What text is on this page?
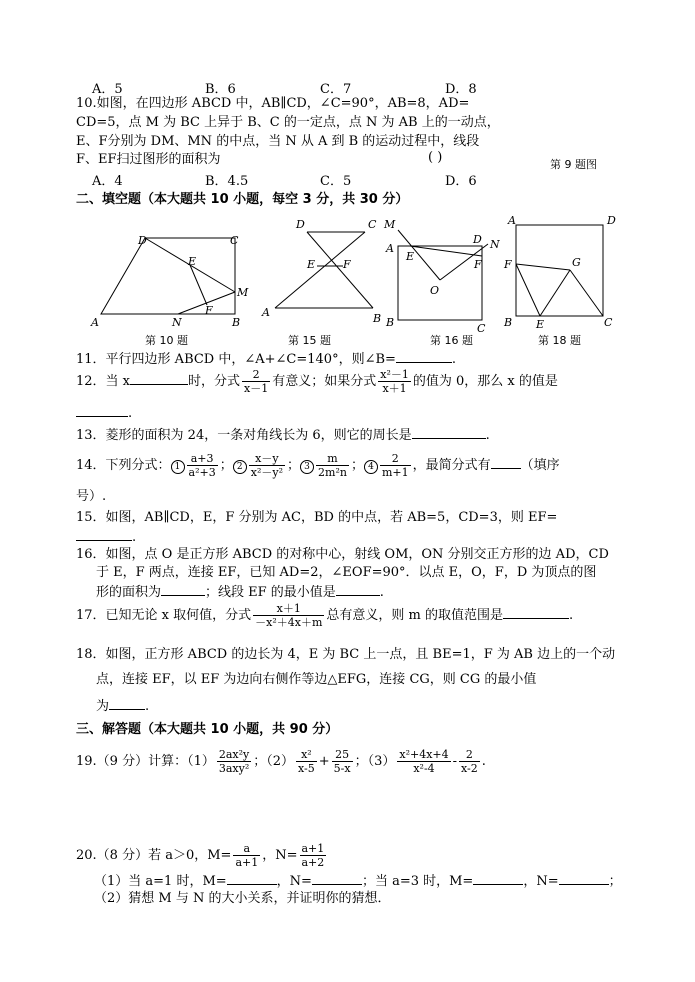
A．5	B．6	C．7	D．8
10.如图，在四边形 ABCD 中，AB∥CD，∠C=90°，AB=8，AD=
CD=5，点 M 为 BC 上异于 B、C 的一定点，点 N 为 AB 上的一动点，
E、F分别为 DM、MN 的中点，当 N 从 A 到 B 的运动过程中，线段
F、EF扫过图形的面积为	( )	第 9 题图
A．4	B．4.5	C．5	D．6
二、填空题（本大题共 10 小题，每空 3 分，共 30 分）
D	C
E
M
F
A	N	B
第 10 题
D	C
E	F
A	B
第 15 题
M
A
D N
E
F
O
B	C
第 16 题
A	D
F	G
B E	C
第 18 题
11．平行四边形 ABCD 中，∠A+∠C=140°，则∠B=	.
12．当 x	时，分式 $\frac{2}{x-1}$ 有意义；如果分式 $\frac{\text{x²－1}}{x+1}$ 的值为 0，那么 x 的值是
.
13．菱形的面积为 24，一条对角线长为 6，则它的周长是	.
14．下列分式： $1 \frac{a+3}{\text{a²+3}}$ ； $2 \frac{x-y}{\text{x²－y²}}$ ； $3 \frac{m}{\text{2m²n}}$ ； $4 \frac{2}{m+1}$ ，最简分式有 （填序
号）.
15．如图，AB∥CD，E，F 分别为 AC，BD 的中点，若 AB=5，CD=3，则 EF=
.
16．如图，点 O 是正方形 ABCD 的对称中心，射线 OM，ON 分别交正方形的边 AD，CD
于 E，F 两点，连接 EF，已知 AD=2，∠EOF=90°．以点 E，O，F，D 为顶点的图
形的面积为	；线段 EF 的最小值是	.
17．已知无论 x 取何值，分式 $\frac{x+1}{\text{－x²＋4x＋m}}$ 总有意义，则 m 的取值范围是	.
18．如图，正方形 ABCD 的边长为 4，E 为 BC 上一点，且 BE=1，F 为 AB 边上的一个动
点，连接 EF，以 EF 为边向右侧作等边△EFG，连接 CG，则 CG 的最小值
为	.
三、解答题（本大题共 10 小题，共 90 分）
19.（9 分）计算：$(1) \frac{\text{2ax²y}}{\text{3axy²}}$ ；$(2) \frac{\text{x²}}{x-5} + \frac{25}{5-x}$ ；$(3) \frac{\text{x²+4x+4}}{\text{x²-4}} - \frac{2}{x-2}$ .
20.（8 分）若 a＞0，$M= \frac{a}{a+1}$ ，$N= \frac{a+1}{a+2}$
（1）当 a=1 时，M=	，N=	；当 a=3 时，M=	，N=	；
（2）猜想 M 与 N 的大小关系，并证明你的猜想．
